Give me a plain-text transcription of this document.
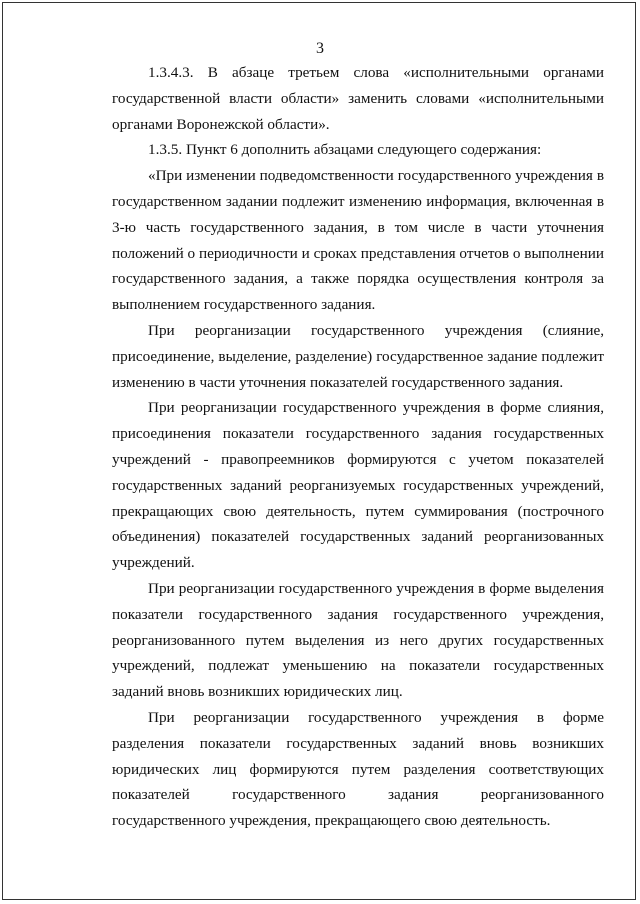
3

1.3.4.3. В абзаце третьем слова «исполнительными органами государственной власти области» заменить словами «исполнительными органами Воронежской области».

1.3.5. Пункт 6 дополнить абзацами следующего содержания:

«При изменении подведомственности государственного учреждения в государственном задании подлежит изменению информация, включенная в 3-ю часть государственного задания, в том числе в части уточнения положений о периодичности и сроках представления отчетов о выполнении государственного задания, а также порядка осуществления контроля за выполнением государственного задания.

При реорганизации государственного учреждения (слияние, присоединение, выделение, разделение) государственное задание подлежит изменению в части уточнения показателей государственного задания.

При реорганизации государственного учреждения в форме слияния, присоединения показатели государственного задания государственных учреждений - правопреемников формируются с учетом показателей государственных заданий реорганизуемых государственных учреждений, прекращающих свою деятельность, путем суммирования (построчного объединения) показателей государственных заданий реорганизованных учреждений.

При реорганизации государственного учреждения в форме выделения показатели государственного задания государственного учреждения, реорганизованного путем выделения из него других государственных учреждений, подлежат уменьшению на показатели государственных заданий вновь возникших юридических лиц.

При реорганизации государственного учреждения в форме разделения показатели государственных заданий вновь возникших юридических лиц формируются путем разделения соответствующих показателей государственного задания реорганизованного государственного учреждения, прекращающего свою деятельность.
